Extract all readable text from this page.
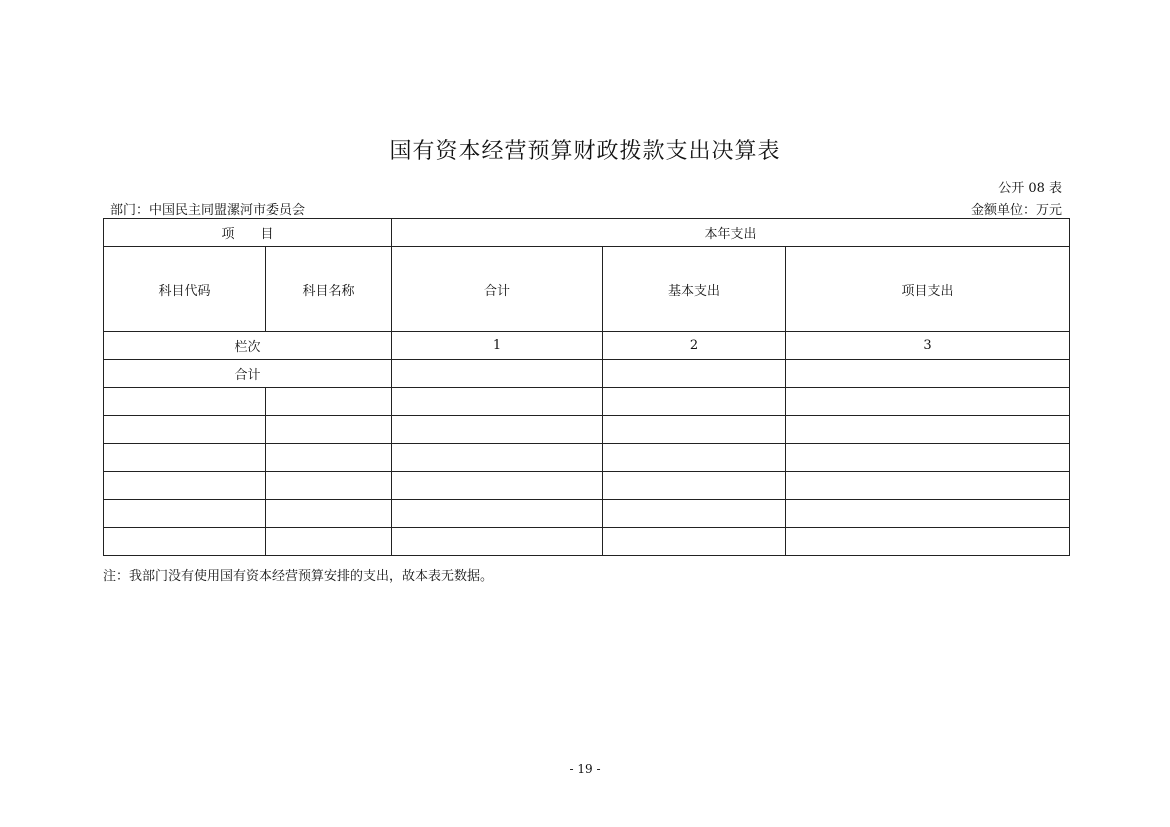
国有资本经营预算财政拨款支出决算表
公开 08 表
部门：中国民主同盟漯河市委员会	金额单位：万元
项　　目		本年支出		
科目代码	科目名称	合计	基本支出	项目支出
栏次		1	2	3
合计				

注：我部门没有使用国有资本经营预算安排的支出，故本表无数据。
- 19 -
